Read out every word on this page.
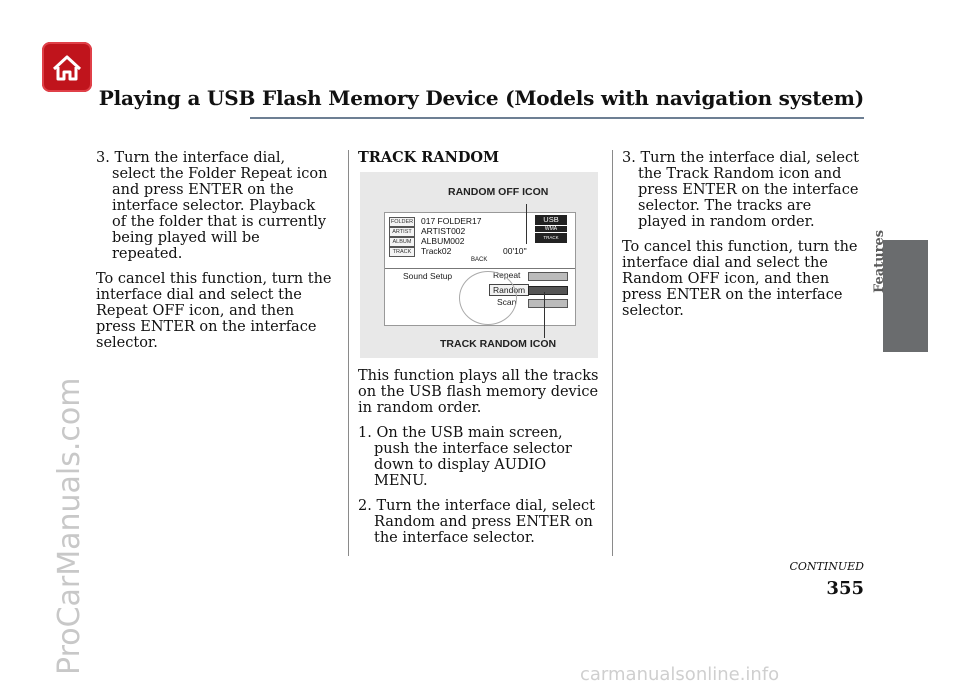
Playing a USB Flash Memory Device (Models with navigation system)
Features

3. Turn the interface dial, select the Folder Repeat icon and press ENTER on the interface selector. Playback of the folder that is currently being played will be repeated.

To cancel this function, turn the interface dial and select the Repeat OFF icon, and then press ENTER on the interface selector.

TRACK RANDOM
RANDOM OFF ICON
FOLDER
ARTIST
ALBUM
TRACK
017 FOLDER17
ARTIST002
ALBUM002
Track02	00'10''
USB
WMA
TRACK RANDOM
BACK
Sound Setup	Repeat
Random
Scan
TRACK RANDOM ICON

This function plays all the tracks on the USB flash memory device in random order.

1. On the USB main screen, push the interface selector down to display AUDIO MENU.

2. Turn the interface dial, select Random and press ENTER on the interface selector.

3. Turn the interface dial, select the Track Random icon and press ENTER on the interface selector. The tracks are played in random order.

To cancel this function, turn the interface dial and select the Random OFF icon, and then press ENTER on the interface selector.

CONTINUED
355
ProCarManuals.com	carmanualsonline.info
